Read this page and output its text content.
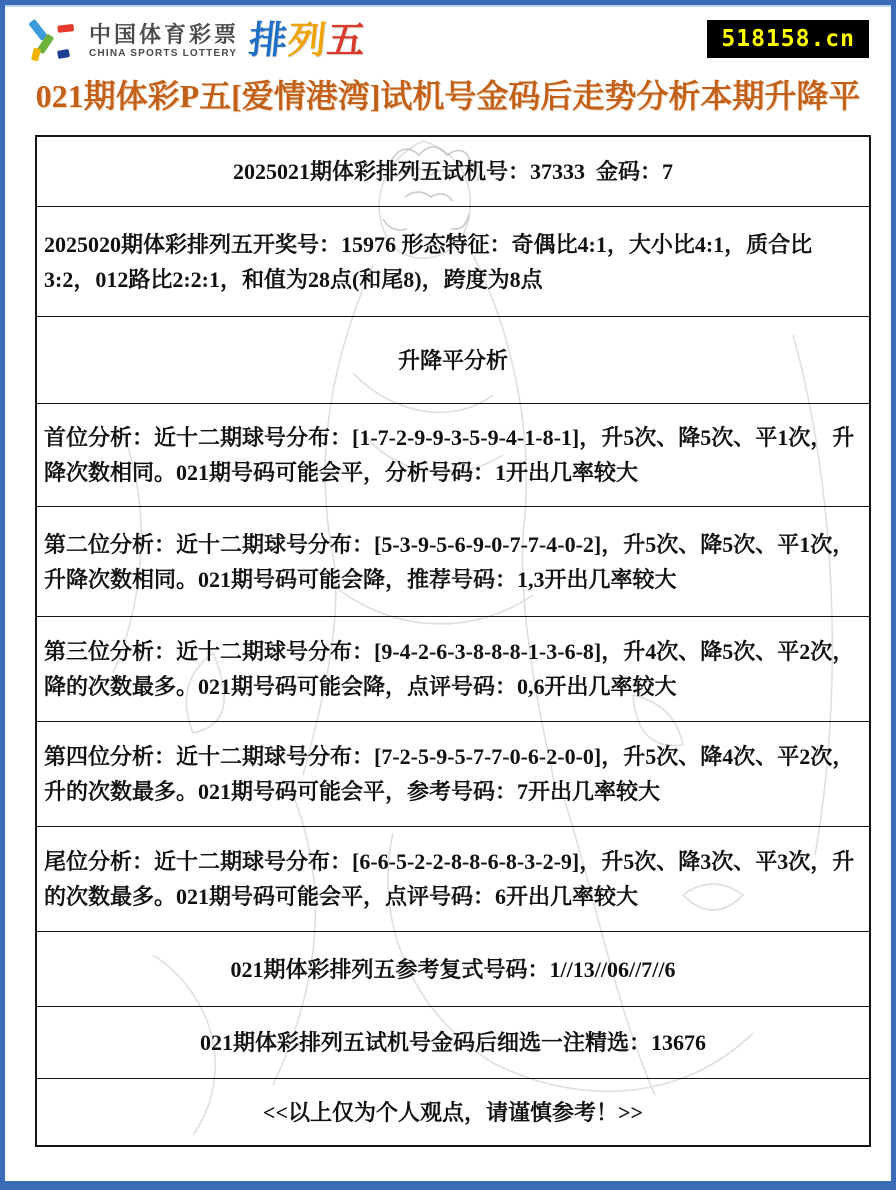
中国体育彩票
CHINA SPORTS LOTTERY 排
列
五	518158.cn
021期体彩P五[爱情港湾]试机号金码后走势分析本期升降平
2025021期体彩排列五试机号：37333  金码：7
2025020期体彩排列五开奖号：15976 形态特征：奇偶比4:1，大小比4:1，质合比3:2，012路比2:2:1，和值为28点(和尾8)，跨度为8点
升降平分析
首位分析：近十二期球号分布：[1-7-2-9-9-3-5-9-4-1-8-1]，升5次、降5次、平1次，升降次数相同。021期号码可能会平，分析号码：1开出几率较大
第二位分析：近十二期球号分布：[5-3-9-5-6-9-0-7-7-4-0-2]，升5次、降5次、平1次，升降次数相同。021期号码可能会降，推荐号码：1,3开出几率较大
第三位分析：近十二期球号分布：[9-4-2-6-3-8-8-8-1-3-6-8]，升4次、降5次、平2次，降的次数最多。021期号码可能会降，点评号码：0,6开出几率较大
第四位分析：近十二期球号分布：[7-2-5-9-5-7-7-0-6-2-0-0]，升5次、降4次、平2次，升的次数最多。021期号码可能会平，参考号码：7开出几率较大
尾位分析：近十二期球号分布：[6-6-5-2-2-8-8-6-8-3-2-9]，升5次、降3次、平3次，升的次数最多。021期号码可能会平，点评号码：6开出几率较大
021期体彩排列五参考复式号码：1//13//06//7//6
021期体彩排列五试机号金码后细选一注精选：13676
<<以上仅为个人观点，请谨慎参考！>>
